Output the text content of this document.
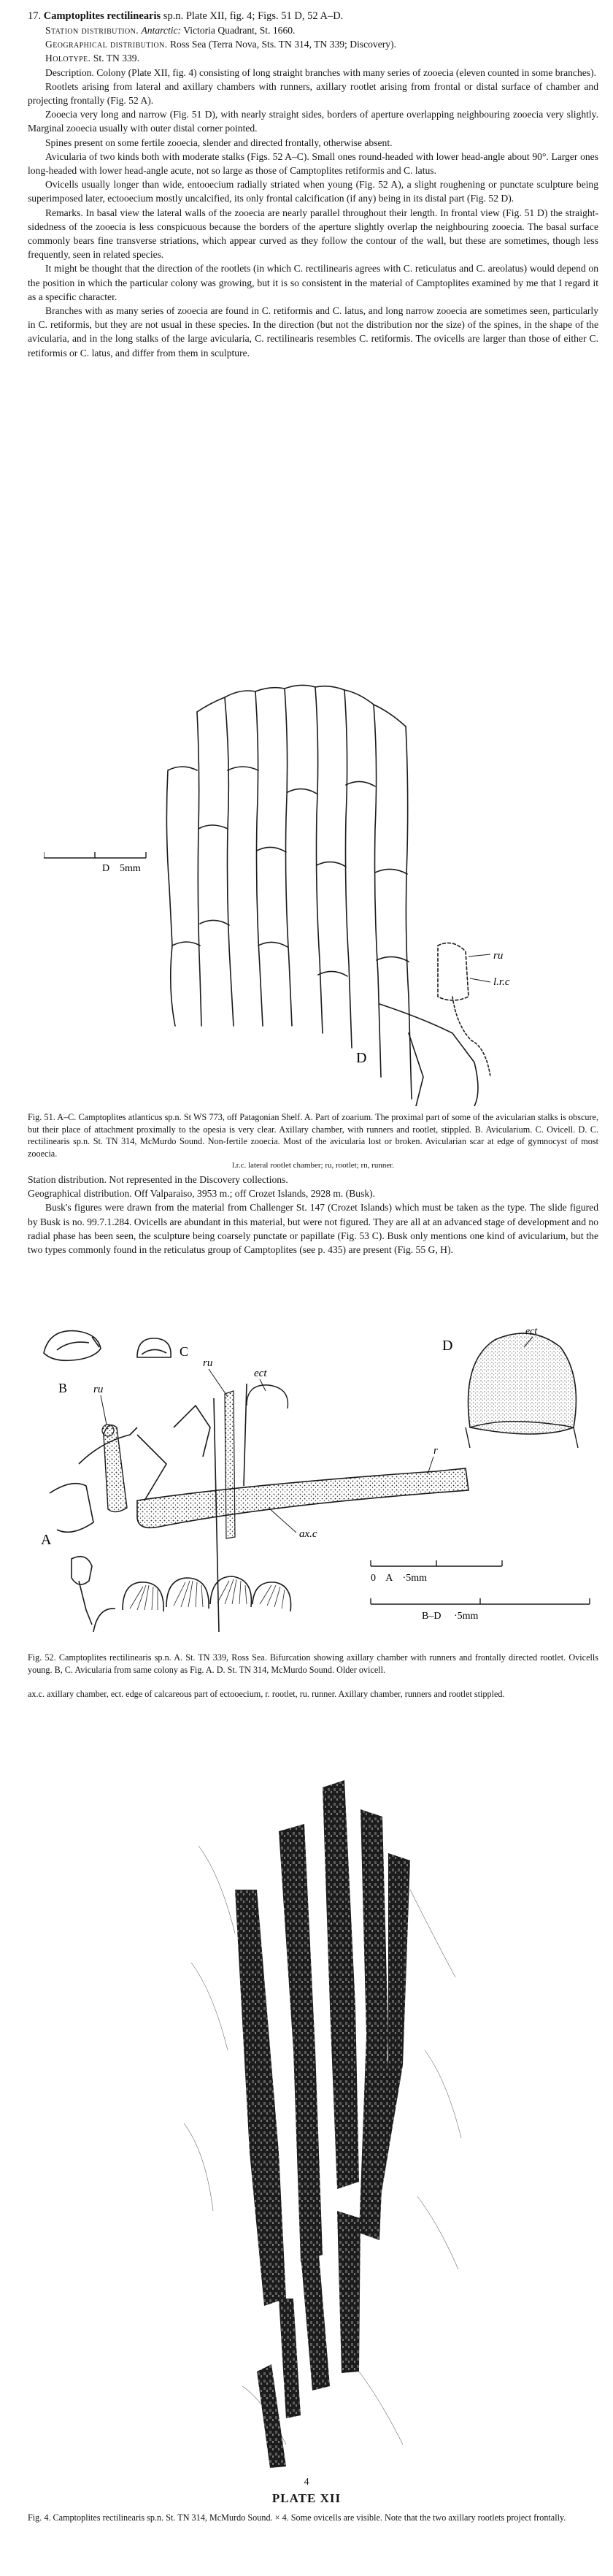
17. Camptoplites rectilinearis sp.n. Plate XII, fig. 4; Figs. 51 D, 52 A–D.

Station distribution. Antarctic: Victoria Quadrant, St. 1660.

Geographical distribution. Ross Sea (Terra Nova, Sts. TN 314, TN 339; Discovery).

Holotype. St. TN 339.

Description. Colony (Plate XII, fig. 4) consisting of long straight branches with many series of zooecia (eleven counted in some branches).

Rootlets arising from lateral and axillary chambers with runners, axillary rootlet arising from frontal or distal surface of chamber and projecting frontally (Fig. 52 A).

Zooecia very long and narrow (Fig. 51 D), with nearly straight sides, borders of aperture overlapping neighbouring zooecia very slightly. Marginal zooecia usually with outer distal corner pointed.

Spines present on some fertile zooecia, slender and directed frontally, otherwise absent.

Avicularia of two kinds both with moderate stalks (Figs. 52 A–C). Small ones round-headed with lower head-angle about 90°. Larger ones long-headed with lower head-angle acute, not so large as those of Camptoplites retiformis and C. latus.

Ovicells usually longer than wide, entooecium radially striated when young (Fig. 52 A), a slight roughening or punctate sculpture being superimposed later, ectooecium mostly uncalcified, its only frontal calcification (if any) being in its distal part (Fig. 52 D).

Remarks. In basal view the lateral walls of the zooecia are nearly parallel throughout their length. In frontal view (Fig. 51 D) the straight-sidedness of the zooecia is less conspicuous because the borders of the aperture slightly overlap the neighbouring zooecia. The basal surface commonly bears fine transverse striations, which appear curved as they follow the contour of the wall, but these are sometimes, though less frequently, seen in related species.

It might be thought that the direction of the rootlets (in which C. rectilinearis agrees with C. reticulatus and C. areolatus) would depend on the position in which the particular colony was growing, but it is so consistent in the material of Camptoplites examined by me that I regard it as a specific character.

Branches with as many series of zooecia are found in C. retiformis and C. latus, and long narrow zooecia are sometimes seen, particularly in C. retiformis, but they are not usual in these species. In the direction (but not the distribution nor the size) of the spines, in the shape of the avicularia, and in the long stalks of the large avicularia, C. rectilinearis resembles C. retiformis. The ovicells are larger than those of either C. retiformis or C. latus, and differ from them in sculpture.

D 5mm
ru
l.r.c
D
Fig. 51. A–C. Camptoplites atlanticus sp.n. St WS 773, off Patagonian Shelf. A. Part of zoarium. The proximal part of some of the avicularian stalks is obscure, but their place of attachment proximally to the opesia is very clear. Axillary chamber, with runners and rootlet, stippled. B. Avicularium. C. Ovicell. D. C. rectilinearis sp.n. St. TN 314, McMurdo Sound. Non-fertile zooecia. Most of the avicularia lost or broken. Avicularian scar at edge of gymnocyst of most zooecia.
l.r.c. lateral rootlet chamber; ru, rootlet; rn, runner.

Station distribution. Not represented in the Discovery collections.

Geographical distribution. Off Valparaiso, 3953 m.; off Crozet Islands, 2928 m. (Busk).

Busk's figures were drawn from the material from Challenger St. 147 (Crozet Islands) which must be taken as the type. The slide figured by Busk is no. 99.7.1.284. Ovicells are abundant in this material, but were not figured. They are all at an advanced stage of development and no radial phase has been seen, the sculpture being coarsely punctate or papillate (Fig. 53 C). Busk only mentions one kind of avicularium, but the two types commonly found in the reticulatus group of Camptoplites (see p. 435) are present (Fig. 55 G, H).

B
C	D
ect
ru
ru
ect
r
ax.c
A
0    A    ·5mm
B–D     ·5mm
Fig. 52. Camptoplites rectilinearis sp.n. A. St. TN 339, Ross Sea. Bifurcation showing axillary chamber with runners and frontally directed rootlet. Ovicells young. B, C. Avicularia from same colony as Fig. A. D. St. TN 314, McMurdo Sound. Older ovicell.
ax.c. axillary chamber, ect. edge of calcareous part of ectooecium, r. rootlet, ru. runner. Axillary chamber, runners and rootlet stippled.
4
PLATE XII
Fig. 4. Camptoplites rectilinearis sp.n. St. TN 314, McMurdo Sound. × 4. Some ovicells are visible. Note that the two axillary rootlets project frontally.
